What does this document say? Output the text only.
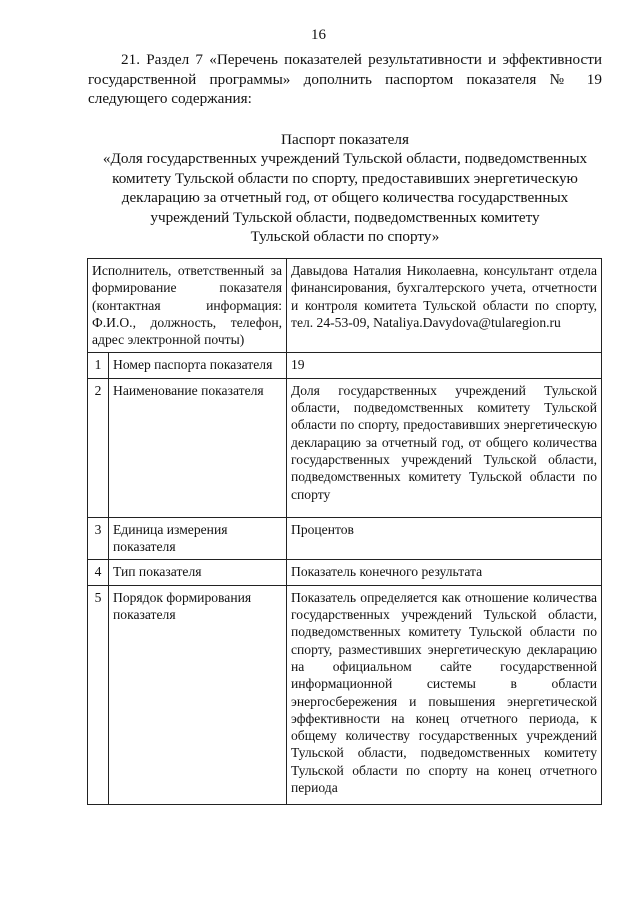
16

21. Раздел 7 «Перечень показателей результативности и эффективности государственной программы» дополнить паспортом показателя № 19 следующего содержания:

Паспорт показателя
«Доля государственных учреждений Тульской области, подведомственных
комитету Тульской области по спорту, предоставивших энергетическую
декларацию за отчетный год, от общего количества государственных
учреждений Тульской области, подведомственных комитету
Тульской области по спорту»
Исполнитель, ответственный за формирование показателя (контактная информация: Ф.И.О., должность, телефон, адрес электронной почты)		Давыдова Наталия Николаевна, консультант отдела финансирования, бухгалтерского учета, отчетности и контроля комитета Тульской области по спорту, тел. 24-53-09, Nataliya.Davydova@tularegion.ru
1	Номер паспорта показателя	19
2	Наименование показателя	Доля государственных учреждений Тульской области, подведомственных комитету Тульской области по спорту, предоставивших энергетическую декларацию за отчетный год, от общего количества государственных учреждений Тульской области, подведомственных комитету Тульской области по спорту
3	Единица измерения показателя	Процентов
4	Тип показателя	Показатель конечного результата
5	Порядок формирования показателя	Показатель определяется как отношение количества государственных учреждений Тульской области, подведомственных комитету Тульской области по спорту, разместивших энергетическую декларацию на официальном сайте государственной информационной системы в области энергосбережения и повышения энергетической эффективности на конец отчетного периода, к общему количеству государственных учреждений Тульской области, подведомственных комитету Тульской области по спорту на конец отчетного периода
